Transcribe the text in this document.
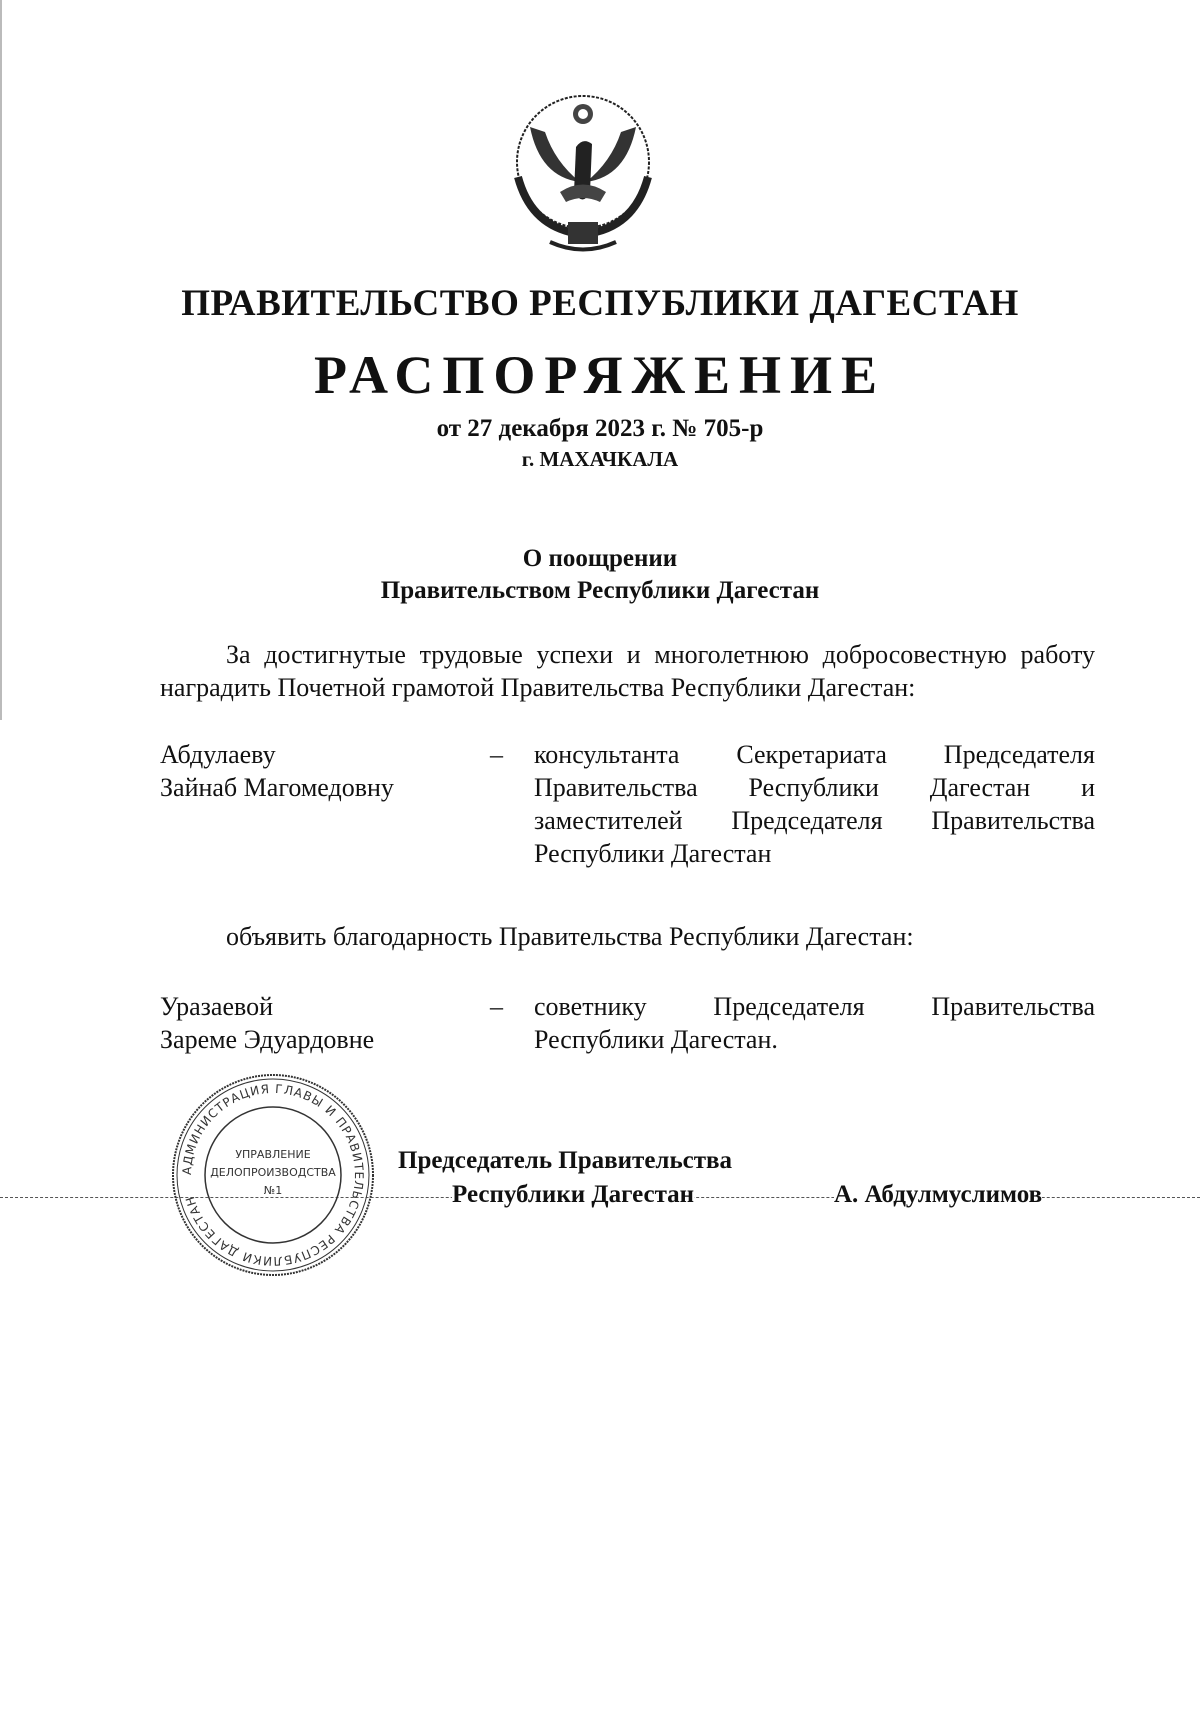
ПРАВИТЕЛЬСТВО РЕСПУБЛИКИ ДАГЕСТАН
РАСПОРЯЖЕНИЕ
от 27 декабря 2023 г. № 705-р
г. МАХАЧКАЛА
О поощрении
Правительством Республики Дагестан
За достигнутые трудовые успехи и многолетнюю добросовестную работу наградить Почетной грамотой Правительства Республики Дагестан:
Абдулаеву
Зайнаб Магомедовну
– консультанта Секретариата Председателя Правительства Республики Дагестан и заместителей Председателя Правительства
Республики Дагестан
объявить благодарность Правительства Республики Дагестан:
Уразаевой
Зареме Эдуардовне
– советнику Председателя Правительства
Республики Дагестан.
АДМИНИСТРАЦИЯ ГЛАВЫ И ПРАВИТЕЛЬСТВА РЕСПУБЛИКИ ДАГЕСТАН
УПРАВЛЕНИЕ
ДЕЛОПРОИЗВОДСТВА
№1
Председатель Правительства
Республики Дагестан	А. Абдулмуслимов
